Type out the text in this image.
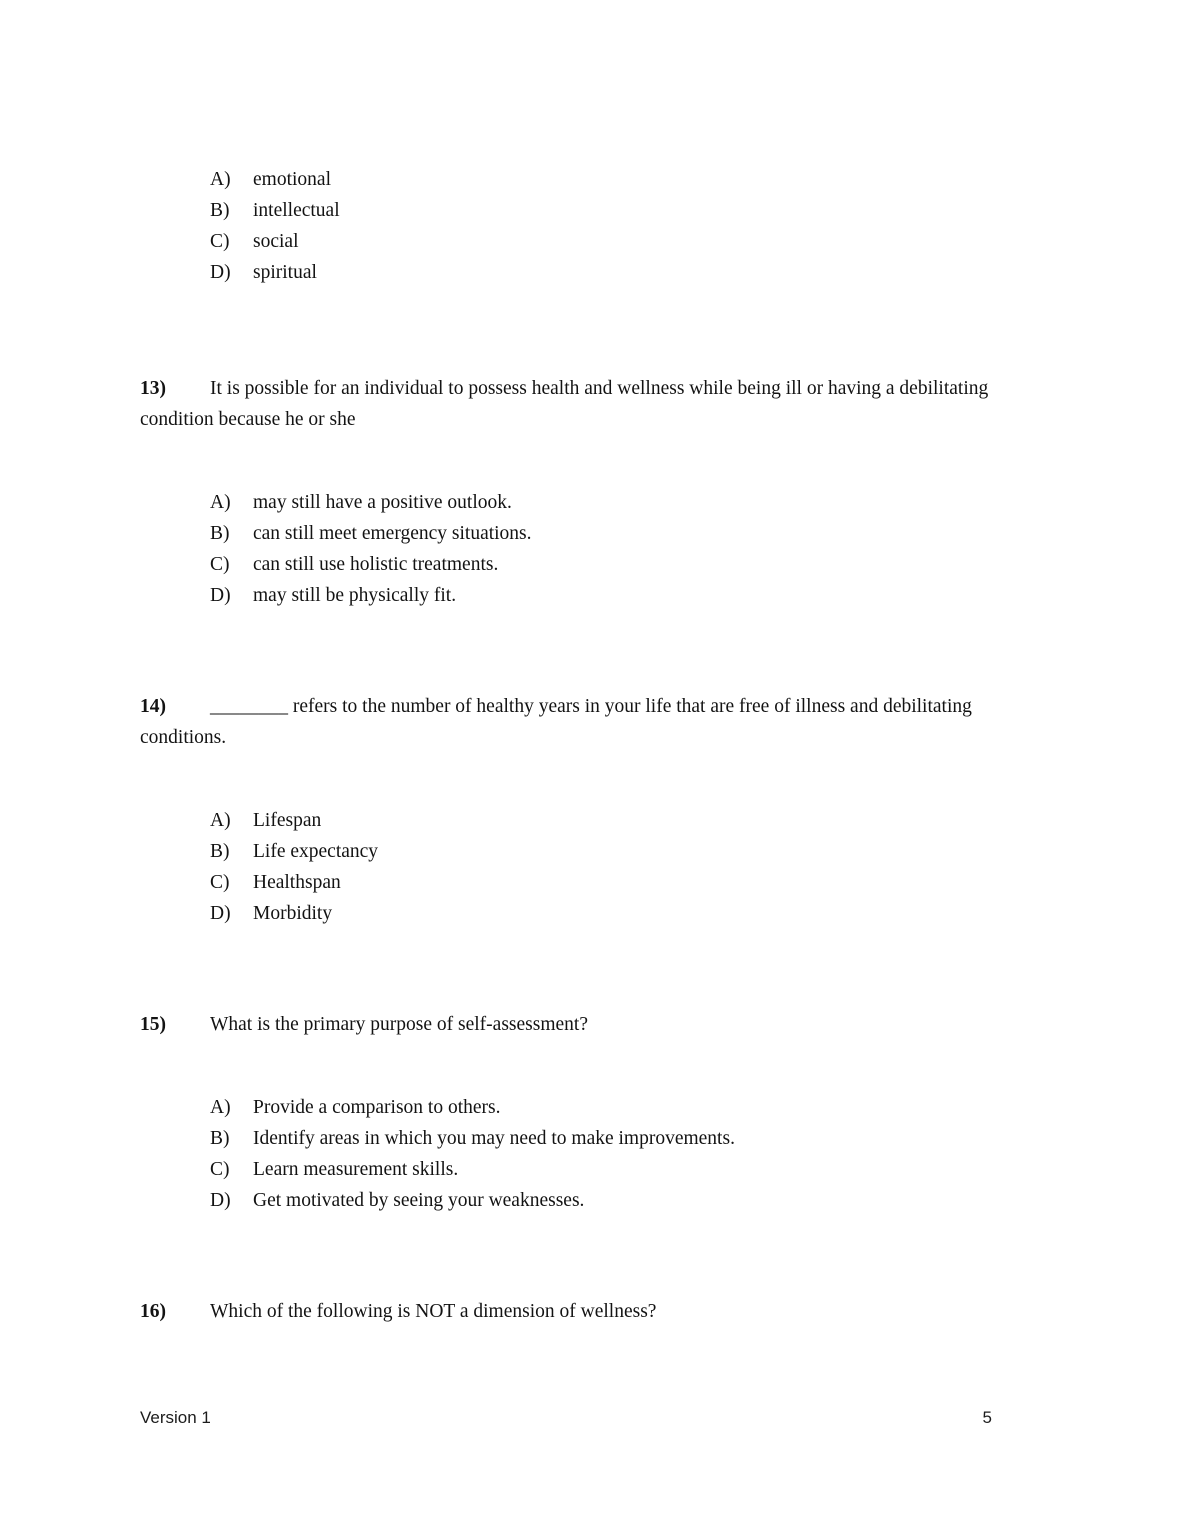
A) emotional
B) intellectual
C) social
D) spiritual
13) It is possible for an individual to possess health and wellness while being ill or having a debilitating condition because he or she
A) may still have a positive outlook.
B) can still meet emergency situations.
C) can still use holistic treatments.
D) may still be physically fit.
14) ________ refers to the number of healthy years in your life that are free of illness and debilitating conditions.
A) Lifespan
B) Life expectancy
C) Healthspan
D) Morbidity
15) What is the primary purpose of self-assessment?
A) Provide a comparison to others.
B) Identify areas in which you may need to make improvements.
C) Learn measurement skills.
D) Get motivated by seeing your weaknesses.
16) Which of the following is NOT a dimension of wellness?
Version 1	5
